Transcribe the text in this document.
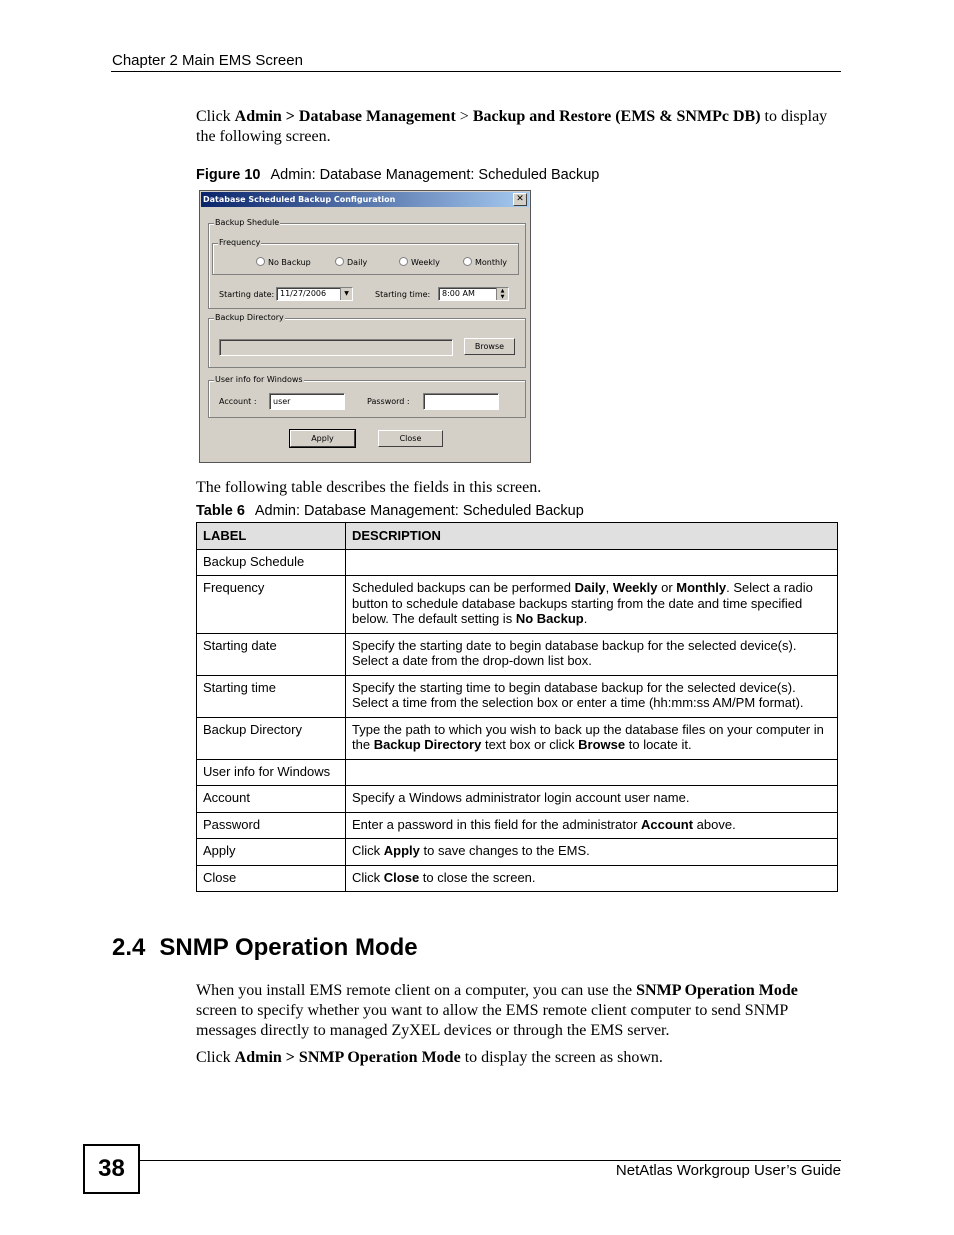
Chapter 2 Main EMS Screen
Click Admin > Database Management > Backup and Restore (EMS & SNMPc DB) to display the following screen.
Figure 10 Admin: Database Management: Scheduled Backup
Database Scheduled Backup Configuration	✕
Backup Shedule
Frequency
No Backup	Daily	Weekly	Monthly
Starting date: 11/27/2006	▼	Starting time:	8:00 AM	▲
▼
Backup Directory
Browse
User info for Windows
Account :	user	Password :
Apply	Close
The following table describes the fields in this screen.
Table 6 Admin: Database Management: Scheduled Backup
LABEL	DESCRIPTION
Backup Schedule	
Frequency	Scheduled backups can be performed Daily, Weekly or Monthly. Select a radio button to schedule database backups starting from the date and time specified below. The default setting is No Backup.
Starting date	Specify the starting date to begin database backup for the selected device(s). Select a date from the drop-down list box.
Starting time	Specify the starting time to begin database backup for the selected device(s). Select a time from the selection box or enter a time (hh:mm:ss AM/PM format).
Backup Directory	Type the path to which you wish to back up the database files on your computer in the Backup Directory text box or click Browse to locate it.
User info for Windows	
Account	Specify a Windows administrator login account user name.
Password	Enter a password in this field for the administrator Account above.
Apply	Click Apply to save changes to the EMS.
Close	Click Close to close the screen.
2.4 SNMP Operation Mode
When you install EMS remote client on a computer, you can use the SNMP Operation Mode screen to specify whether you want to allow the EMS remote client computer to send SNMP messages directly to managed ZyXEL devices or through the EMS server.
Click Admin > SNMP Operation Mode to display the screen as shown.
38	NetAtlas Workgroup User’s Guide
